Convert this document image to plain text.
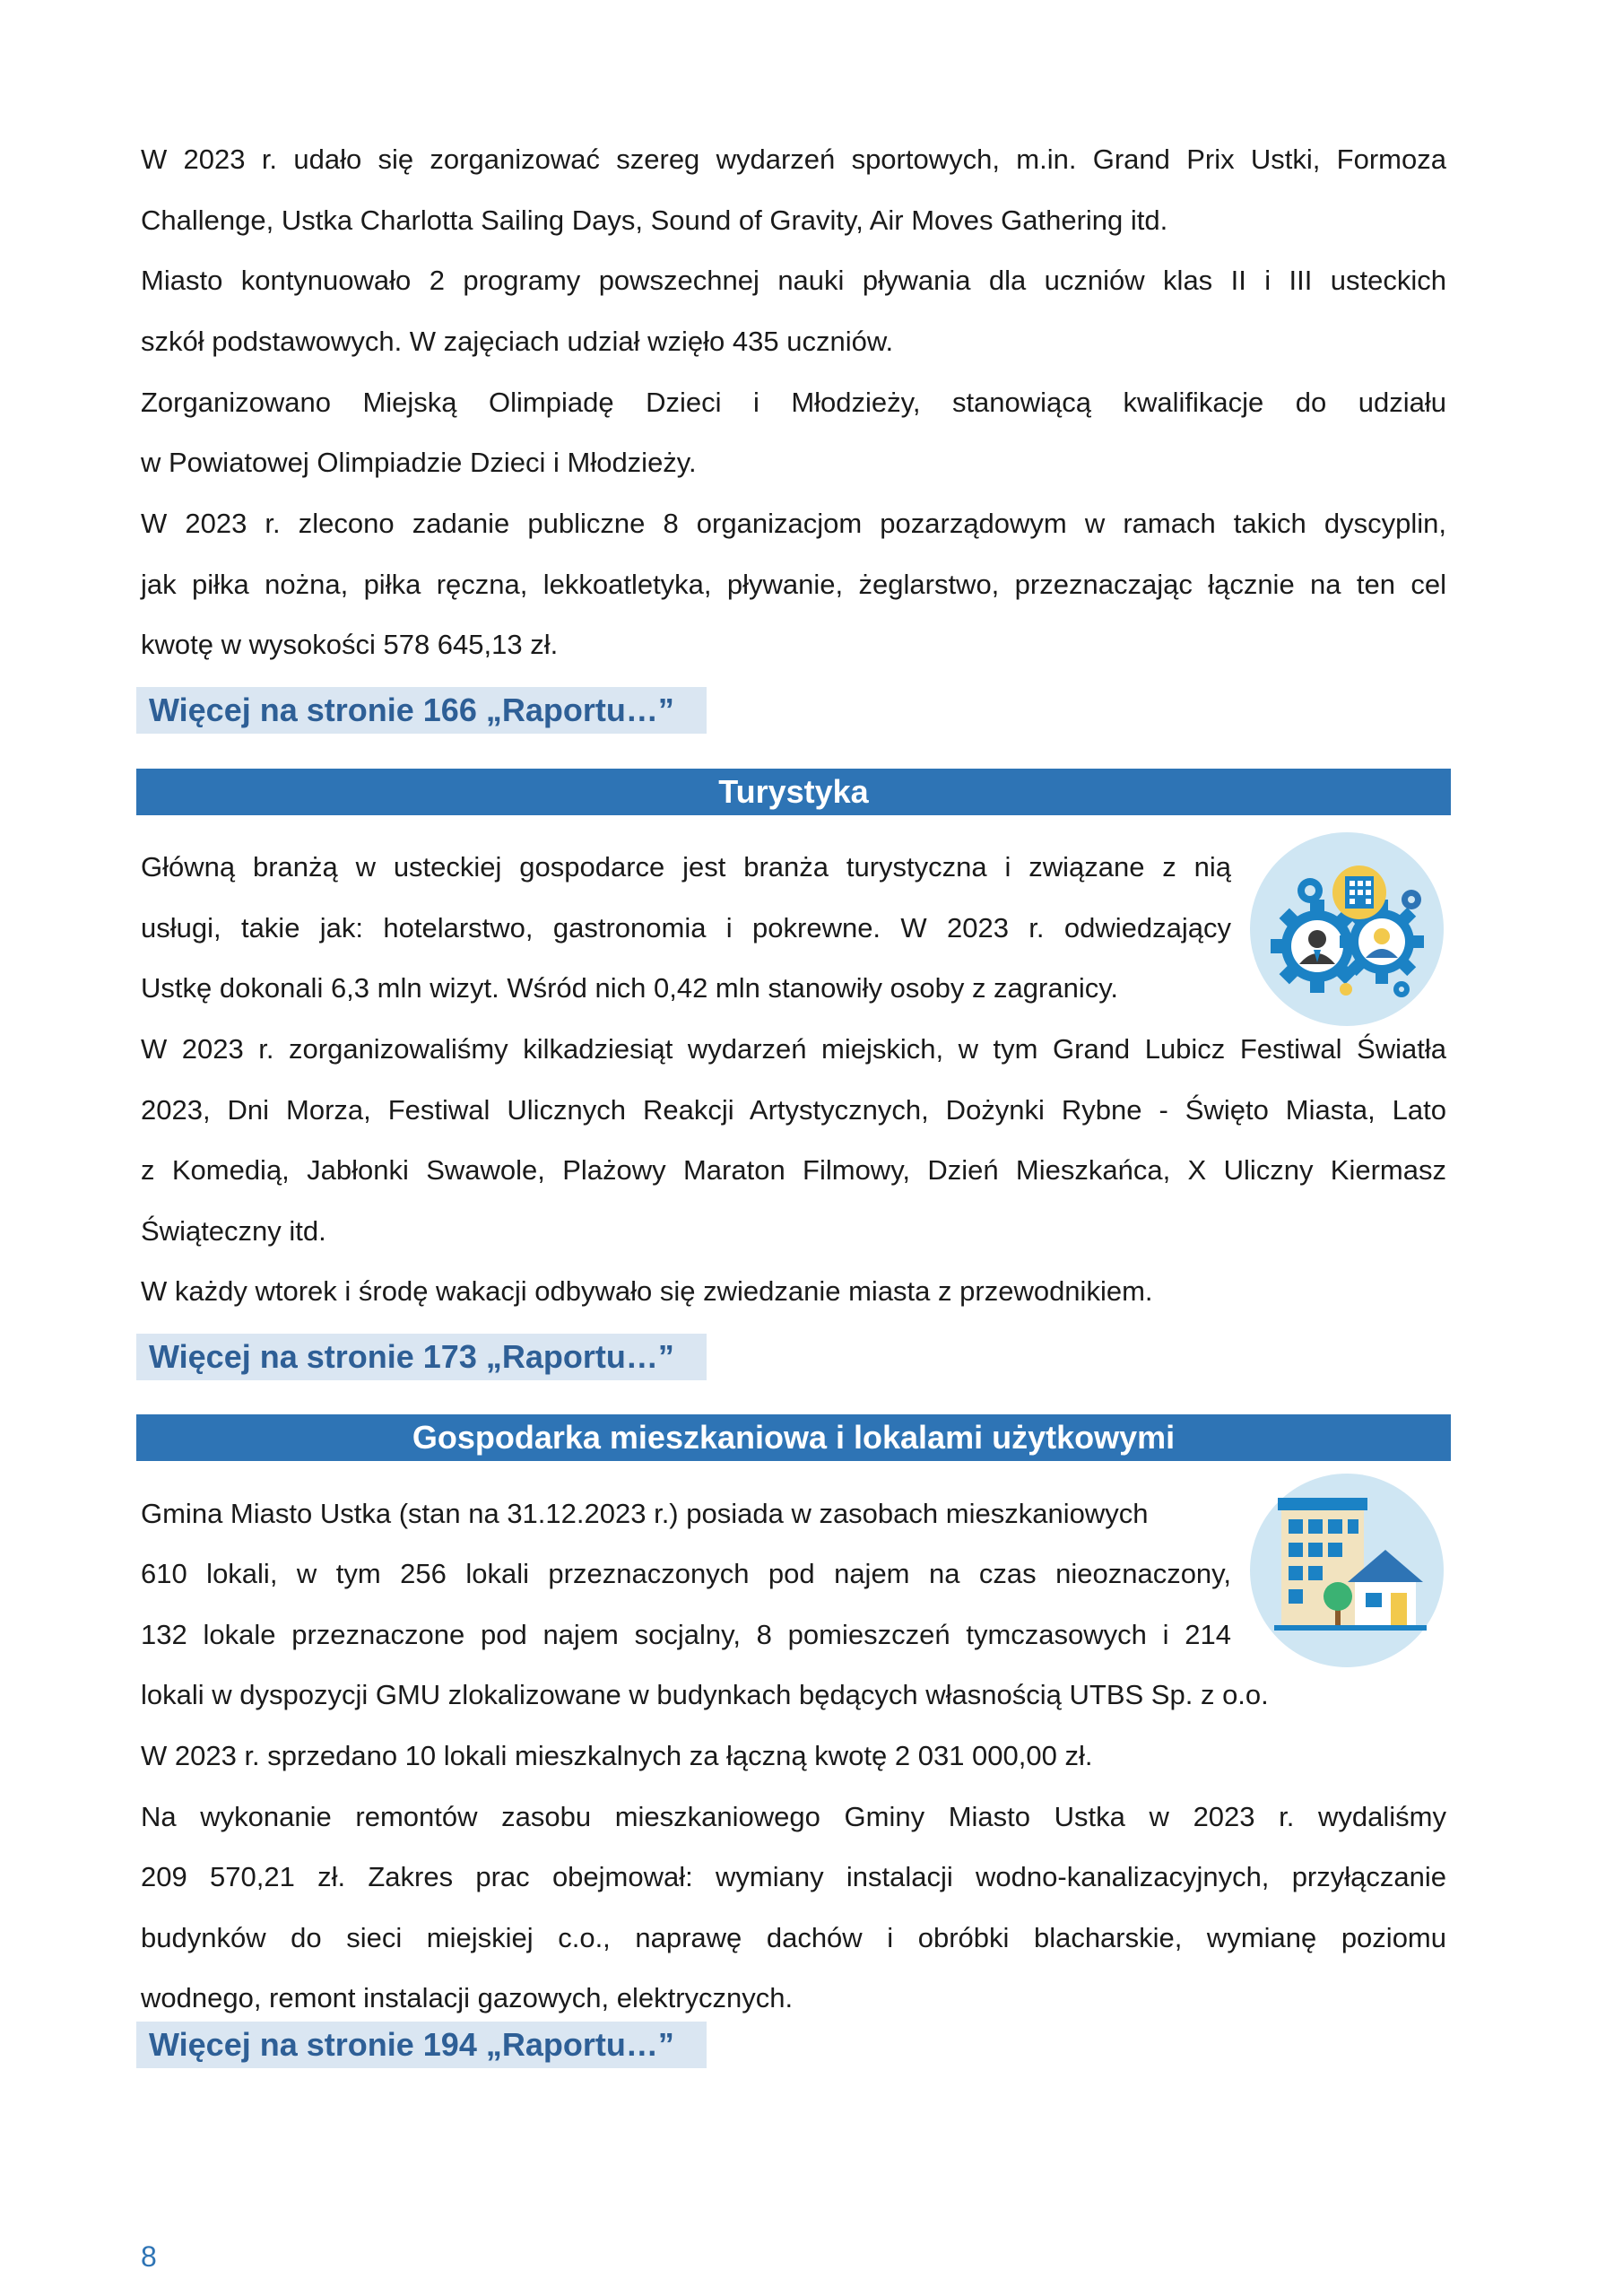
W 2023 r. udało się zorganizować szereg wydarzeń sportowych, m.in. Grand Prix Ustki, Formoza

Challenge, Ustka Charlotta Sailing Days, Sound of Gravity, Air Moves Gathering itd.

Miasto kontynuowało 2 programy powszechnej nauki pływania dla uczniów klas II i III usteckich

szkół podstawowych. W zajęciach udział wzięło 435 uczniów.

Zorganizowano Miejską Olimpiadę Dzieci i Młodzieży, stanowiącą kwalifikacje do udziału

w Powiatowej Olimpiadzie Dzieci i Młodzieży.

W 2023 r. zlecono zadanie publiczne 8 organizacjom pozarządowym w ramach takich dyscyplin,

jak piłka nożna, piłka ręczna, lekkoatletyka, pływanie, żeglarstwo, przeznaczając łącznie na ten cel

kwotę w wysokości 578 645,13 zł.

Więcej na stronie 166 „Raportu…”
Turystyka

Główną branżą w usteckiej gospodarce jest branża turystyczna i związane z nią

usługi, takie jak: hotelarstwo, gastronomia i pokrewne. W 2023 r. odwiedzający

Ustkę dokonali 6,3 mln wizyt. Wśród nich 0,42 mln stanowiły osoby z zagranicy.

W 2023 r. zorganizowaliśmy kilkadziesiąt wydarzeń miejskich, w tym Grand Lubicz Festiwal Światła

2023, Dni Morza, Festiwal Ulicznych Reakcji Artystycznych, Dożynki Rybne - Święto Miasta, Lato

z Komedią, Jabłonki Swawole, Plażowy Maraton Filmowy, Dzień Mieszkańca, X Uliczny Kiermasz

Świąteczny itd.

W każdy wtorek i środę wakacji odbywało się zwiedzanie miasta z przewodnikiem.

Więcej na stronie 173 „Raportu…”
Gospodarka mieszkaniowa i lokalami użytkowymi

Gmina Miasto Ustka (stan na 31.12.2023 r.) posiada w zasobach mieszkaniowych

610 lokali, w tym 256 lokali przeznaczonych pod najem na czas nieoznaczony,

132 lokale przeznaczone pod najem socjalny, 8 pomieszczeń tymczasowych i 214

lokali w dyspozycji GMU zlokalizowane w budynkach będących własnością UTBS Sp. z o.o.

W 2023 r. sprzedano 10 lokali mieszkalnych za łączną kwotę 2 031 000,00 zł.

Na wykonanie remontów zasobu mieszkaniowego Gminy Miasto Ustka w 2023 r. wydaliśmy

209 570,21 zł. Zakres prac obejmował: wymiany instalacji wodno-kanalizacyjnych, przyłączanie

budynków do sieci miejskiej c.o., naprawę dachów i obróbki blacharskie, wymianę poziomu

wodnego, remont instalacji gazowych, elektrycznych.

Więcej na stronie 194 „Raportu…”
8
